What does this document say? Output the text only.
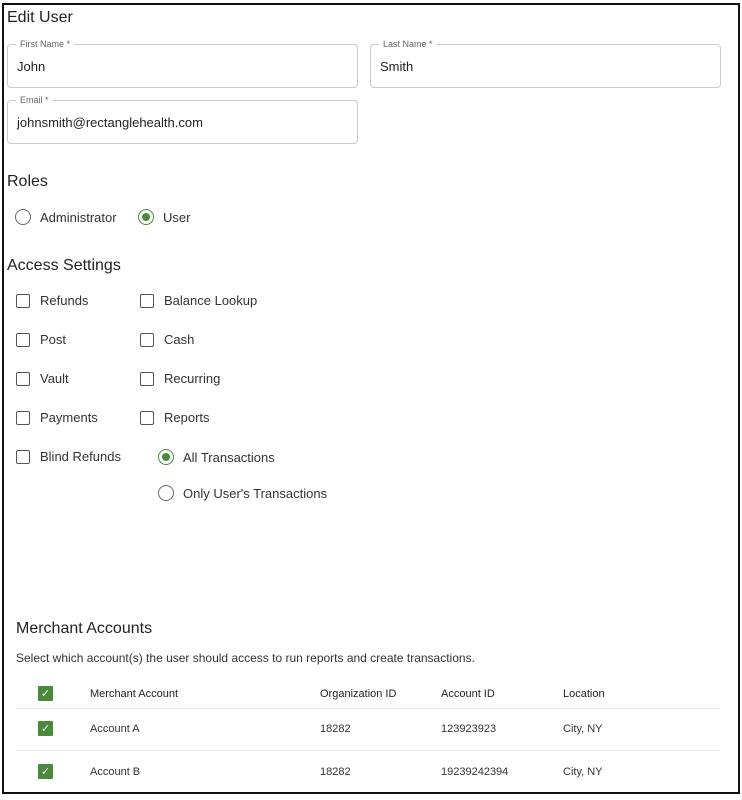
Edit User
First Name *
John
Last Name *
Smith
Email *
johnsmith@rectanglehealth.com
Roles
Administrator	User
Access Settings
Refunds
Post
Vault
Payments
Blind Refunds
Balance Lookup
Cash
Recurring
Reports
All Transactions
Only User's Transactions
Merchant Accounts
Select which account(s) the user should access to run reports and create transactions.
✓	Merchant Account	Organization ID	Account ID	Location
✓	Account A	18282	123923923	City, NY
✓	Account B	18282	19239242394	City, NY
